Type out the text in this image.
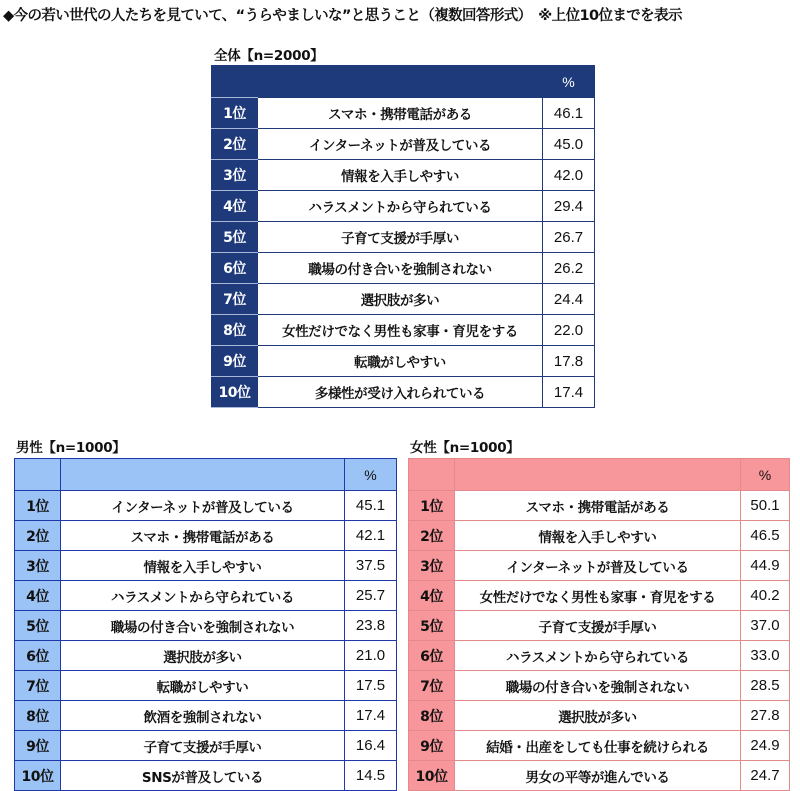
◆今の若い世代の人たちを見ていて、“うらやましいな”と思うこと（複数回答形式）　※上位10位までを表示
全体【n=2000】
		%
1位	スマホ・携帯電話がある	46.1
2位	インターネットが普及している	45.0
3位	情報を入手しやすい	42.0
4位	ハラスメントから守られている	29.4
5位	子育て支援が手厚い	26.7
6位	職場の付き合いを強制されない	26.2
7位	選択肢が多い	24.4
8位	女性だけでなく男性も家事・育児をする	22.0
9位	転職がしやすい	17.8
10位	多様性が受け入れられている	17.4
男性【n=1000】
		%
1位	インターネットが普及している	45.1
2位	スマホ・携帯電話がある	42.1
3位	情報を入手しやすい	37.5
4位	ハラスメントから守られている	25.7
5位	職場の付き合いを強制されない	23.8
6位	選択肢が多い	21.0
7位	転職がしやすい	17.5
8位	飲酒を強制されない	17.4
9位	子育て支援が手厚い	16.4
10位	SNSが普及している	14.5
女性【n=1000】
		%
1位	スマホ・携帯電話がある	50.1
2位	情報を入手しやすい	46.5
3位	インターネットが普及している	44.9
4位	女性だけでなく男性も家事・育児をする	40.2
5位	子育て支援が手厚い	37.0
6位	ハラスメントから守られている	33.0
7位	職場の付き合いを強制されない	28.5
8位	選択肢が多い	27.8
9位	結婚・出産をしても仕事を続けられる	24.9
10位	男女の平等が進んでいる	24.7
